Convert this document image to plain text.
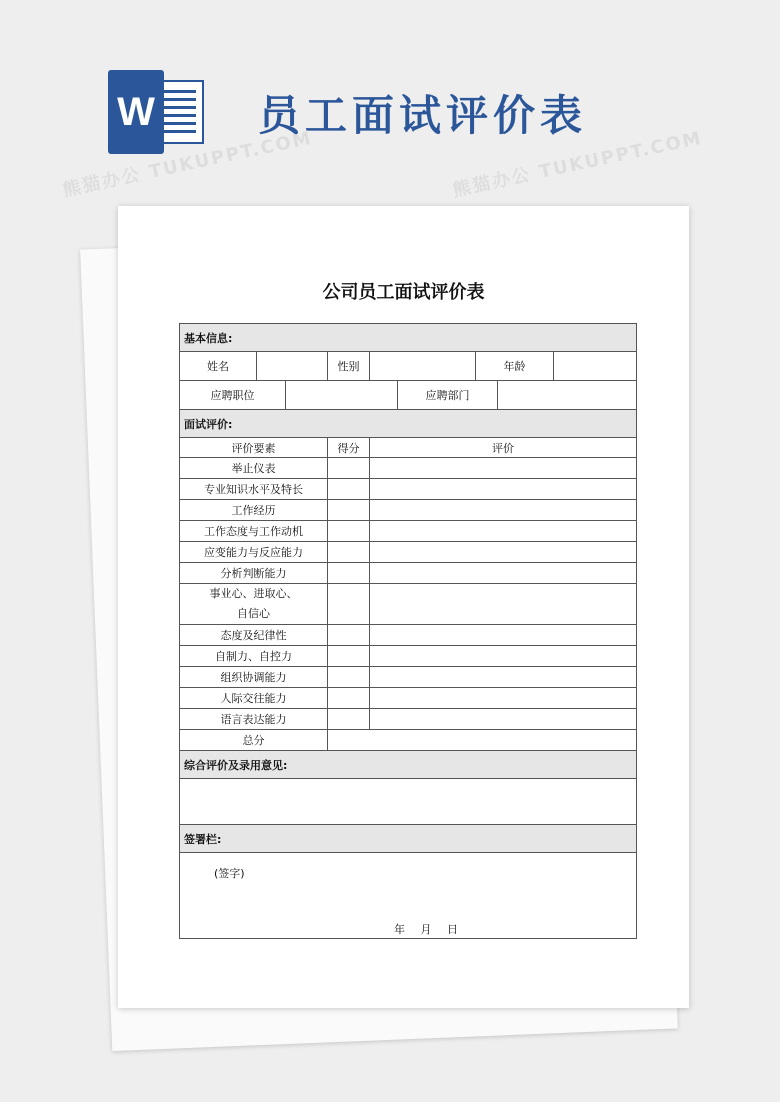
W 员工面试评价表
熊猫办公 TUKUPPT.COM	熊猫办公 TUKUPPT.COM
公司员工面试评价表
基本信息:								
姓名			性别			年龄		
应聘职位					应聘部门			
面试评价:								
评价要素			得分	评价				
举止仪表								
专业知识水平及特长								
工作经历								
工作态度与工作动机								
应变能力与反应能力								
分析判断能力								
事业心、进取心、自信心								
态度及纪律性								
自制力、自控力								
组织协调能力								
人际交往能力								
语言表达能力								
总分								
综合评价及录用意见:								

签署栏:								

(签字)
年 月 日								
